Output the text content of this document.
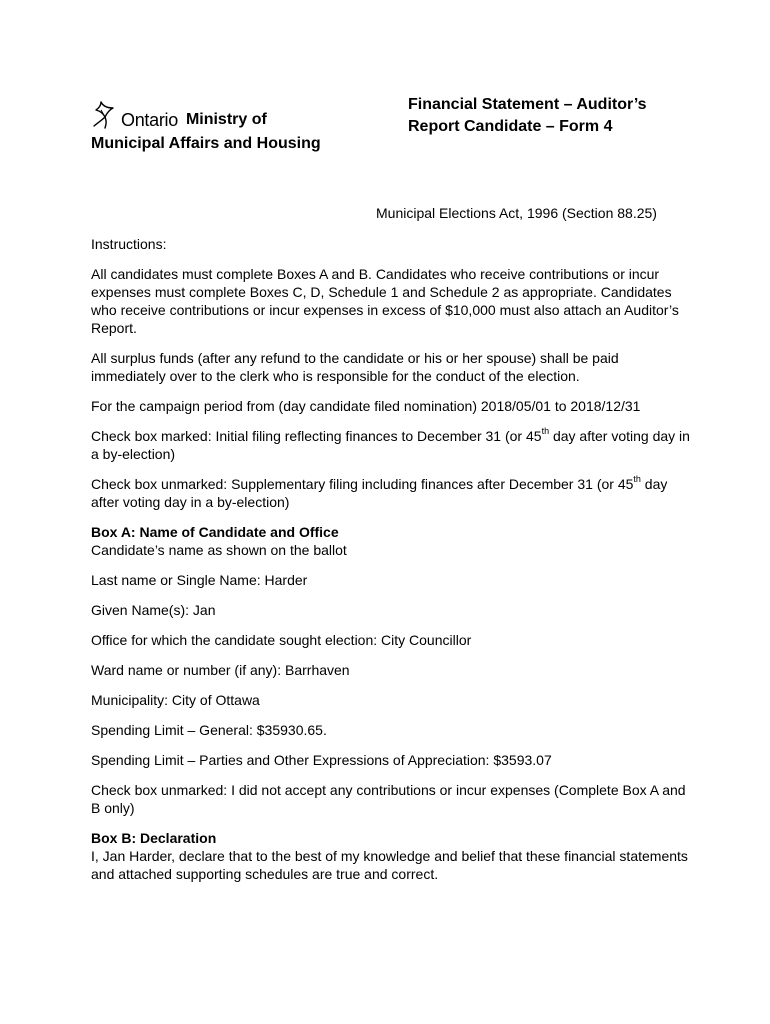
Ontario Ministry of
Municipal Affairs and Housing
Financial Statement – Auditor’s
Report Candidate – Form 4
Municipal Elections Act, 1996 (Section 88.25)

Instructions:

All candidates must complete Boxes A and B. Candidates who receive contributions or incur expenses must complete Boxes C, D, Schedule 1 and Schedule 2 as appropriate. Candidates who receive contributions or incur expenses in excess of $10,000 must also attach an Auditor’s Report.

All surplus funds (after any refund to the candidate or his or her spouse) shall be paid immediately over to the clerk who is responsible for the conduct of the election.

For the campaign period from (day candidate filed nomination) 2018/05/01 to 2018/12/31

Check box marked: Initial filing reflecting finances to December 31 (or 45th day after voting day in a by-election)

Check box unmarked: Supplementary filing including finances after December 31 (or 45th day after voting day in a by-election)

Box A: Name of Candidate and Office
Candidate’s name as shown on the ballot

Last name or Single Name: Harder

Given Name(s): Jan

Office for which the candidate sought election: City Councillor

Ward name or number (if any): Barrhaven

Municipality: City of Ottawa

Spending Limit – General: $35930.65.

Spending Limit – Parties and Other Expressions of Appreciation: $3593.07

Check box unmarked: I did not accept any contributions or incur expenses (Complete Box A and B only)

Box B: Declaration
I, Jan Harder, declare that to the best of my knowledge and belief that these financial statements and attached supporting schedules are true and correct.
